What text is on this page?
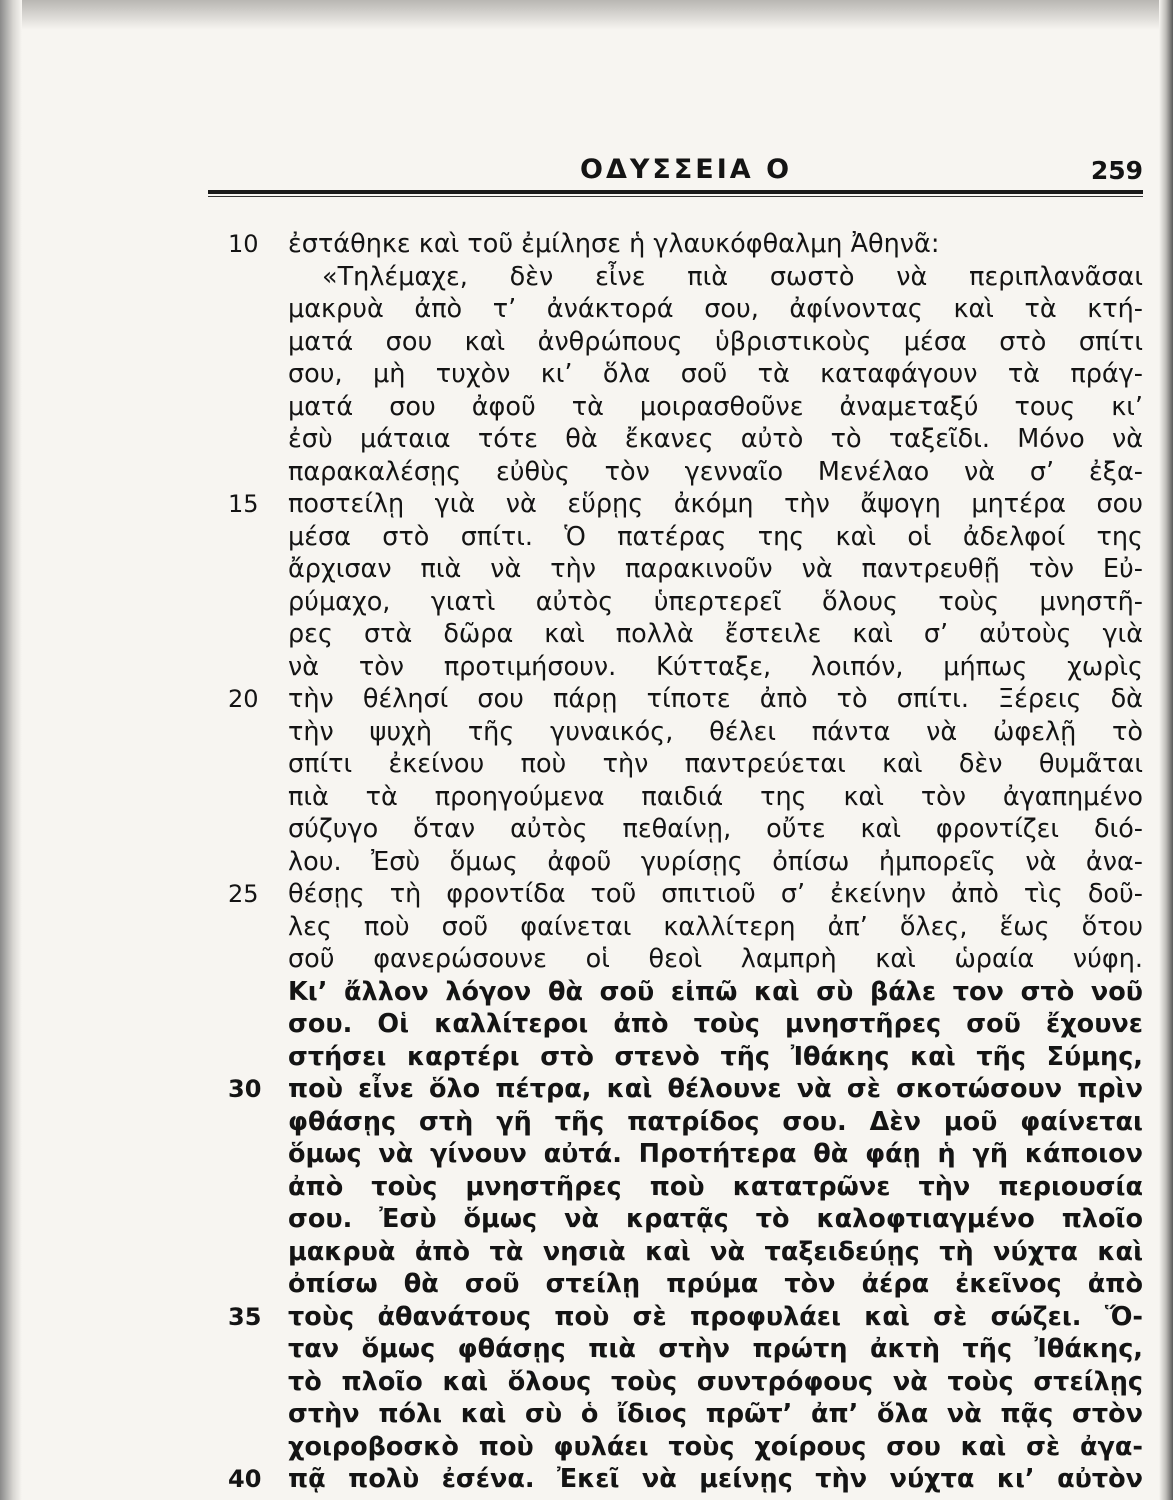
ΟΔΥΣΣΕΙΑ Ο	259
10	ἐστάθηκε καὶ τοῦ ἐμίλησε ἡ γλαυκόφθαλμη Ἀθηνᾶ:
«Τηλέμαχε, δὲν εἶνε πιὰ σωστὸ νὰ περιπλανᾶσαι
μακρυὰ ἀπὸ τ’ ἀνάκτορά σου, ἀφίνοντας καὶ τὰ κτή-
ματά σου καὶ ἀνθρώπους ὑβριστικοὺς μέσα στὸ σπίτι
σου, μὴ τυχὸν κι’ ὅλα σοῦ τὰ καταφάγουν τὰ πράγ-
ματά σου ἀφοῦ τὰ μοιρασθοῦνε ἀναμεταξύ τους κι’
ἐσὺ μάταια τότε θὰ ἔκανες αὐτὸ τὸ ταξεῖδι. Μόνο νὰ
παρακαλέσῃς εὐθὺς τὸν γενναῖο Μενέλαο νὰ σ’ ἐξα-
15	ποστείλῃ γιὰ νὰ εὕρῃς ἀκόμη τὴν ἄψογη μητέρα σου
μέσα στὸ σπίτι. Ὁ πατέρας της καὶ οἱ ἀδελφοί της
ἄρχισαν πιὰ νὰ τὴν παρακινοῦν νὰ παντρευθῇ τὸν Εὐ-
ρύμαχο, γιατὶ αὐτὸς ὑπερτερεῖ ὅλους τοὺς μνηστῆ-
ρες στὰ δῶρα καὶ πολλὰ ἔστειλε καὶ σ’ αὐτοὺς γιὰ
νὰ τὸν προτιμήσουν. Κύτταξε, λοιπόν, μήπως χωρὶς
20	τὴν θέλησί σου πάρῃ τίποτε ἀπὸ τὸ σπίτι. Ξέρεις δὰ
τὴν ψυχὴ τῆς γυναικός, θέλει πάντα νὰ ὠφελῇ τὸ
σπίτι ἐκείνου ποὺ τὴν παντρεύεται καὶ δὲν θυμᾶται
πιὰ τὰ προηγούμενα παιδιά της καὶ τὸν ἀγαπημένο
σύζυγο ὅταν αὐτὸς πεθαίνῃ, οὔτε καὶ φροντίζει διό-
λου. Ἐσὺ ὅμως ἀφοῦ γυρίσῃς ὀπίσω ἠμπορεῖς νὰ ἀνα-
25	θέσῃς τὴ φροντίδα τοῦ σπιτιοῦ σ’ ἐκείνην ἀπὸ τὶς δοῦ-
λες ποὺ σοῦ φαίνεται καλλίτερη ἀπ’ ὅλες, ἕως ὅτου
σοῦ φανερώσουνε οἱ θεοὶ λαμπρὴ καὶ ὡραία νύφη.
Κι’ ἄλλον λόγον θὰ σοῦ εἰπῶ καὶ σὺ βάλε τον στὸ νοῦ
σου. Οἱ καλλίτεροι ἀπὸ τοὺς μνηστῆρες σοῦ ἔχουνε
στήσει καρτέρι στὸ στενὸ τῆς Ἰθάκης καὶ τῆς Σύμης,
30	ποὺ εἶνε ὅλο πέτρα, καὶ θέλουνε νὰ σὲ σκοτώσουν πρὶν
φθάσῃς στὴ γῆ τῆς πατρίδος σου. Δὲν μοῦ φαίνεται
ὅμως νὰ γίνουν αὐτά. Προτήτερα θὰ φάῃ ἡ γῆ κάποιον
ἀπὸ τοὺς μνηστῆρες ποὺ κατατρῶνε τὴν περιουσία
σου. Ἐσὺ ὅμως νὰ κρατᾷς τὸ καλοφτιαγμένο πλοῖο
μακρυὰ ἀπὸ τὰ νησιὰ καὶ νὰ ταξειδεύῃς τὴ νύχτα καὶ
ὀπίσω θὰ σοῦ στείλῃ πρύμα τὸν ἀέρα ἐκεῖνος ἀπὸ
35	τοὺς ἀθανάτους ποὺ σὲ προφυλάει καὶ σὲ σώζει. Ὅ-
ταν ὅμως φθάσῃς πιὰ στὴν πρώτη ἀκτὴ τῆς Ἰθάκης,
τὸ πλοῖο καὶ ὅλους τοὺς συντρόφους νὰ τοὺς στείλῃς
στὴν πόλι καὶ σὺ ὁ ἴδιος πρῶτ’ ἀπ’ ὅλα νὰ πᾷς στὸν
χοιροβοσκὸ ποὺ φυλάει τοὺς χοίρους σου καὶ σὲ ἀγα-
40	πᾷ πολὺ ἐσένα. Ἐκεῖ νὰ μείνῃς τὴν νύχτα κι’ αὐτὸν
